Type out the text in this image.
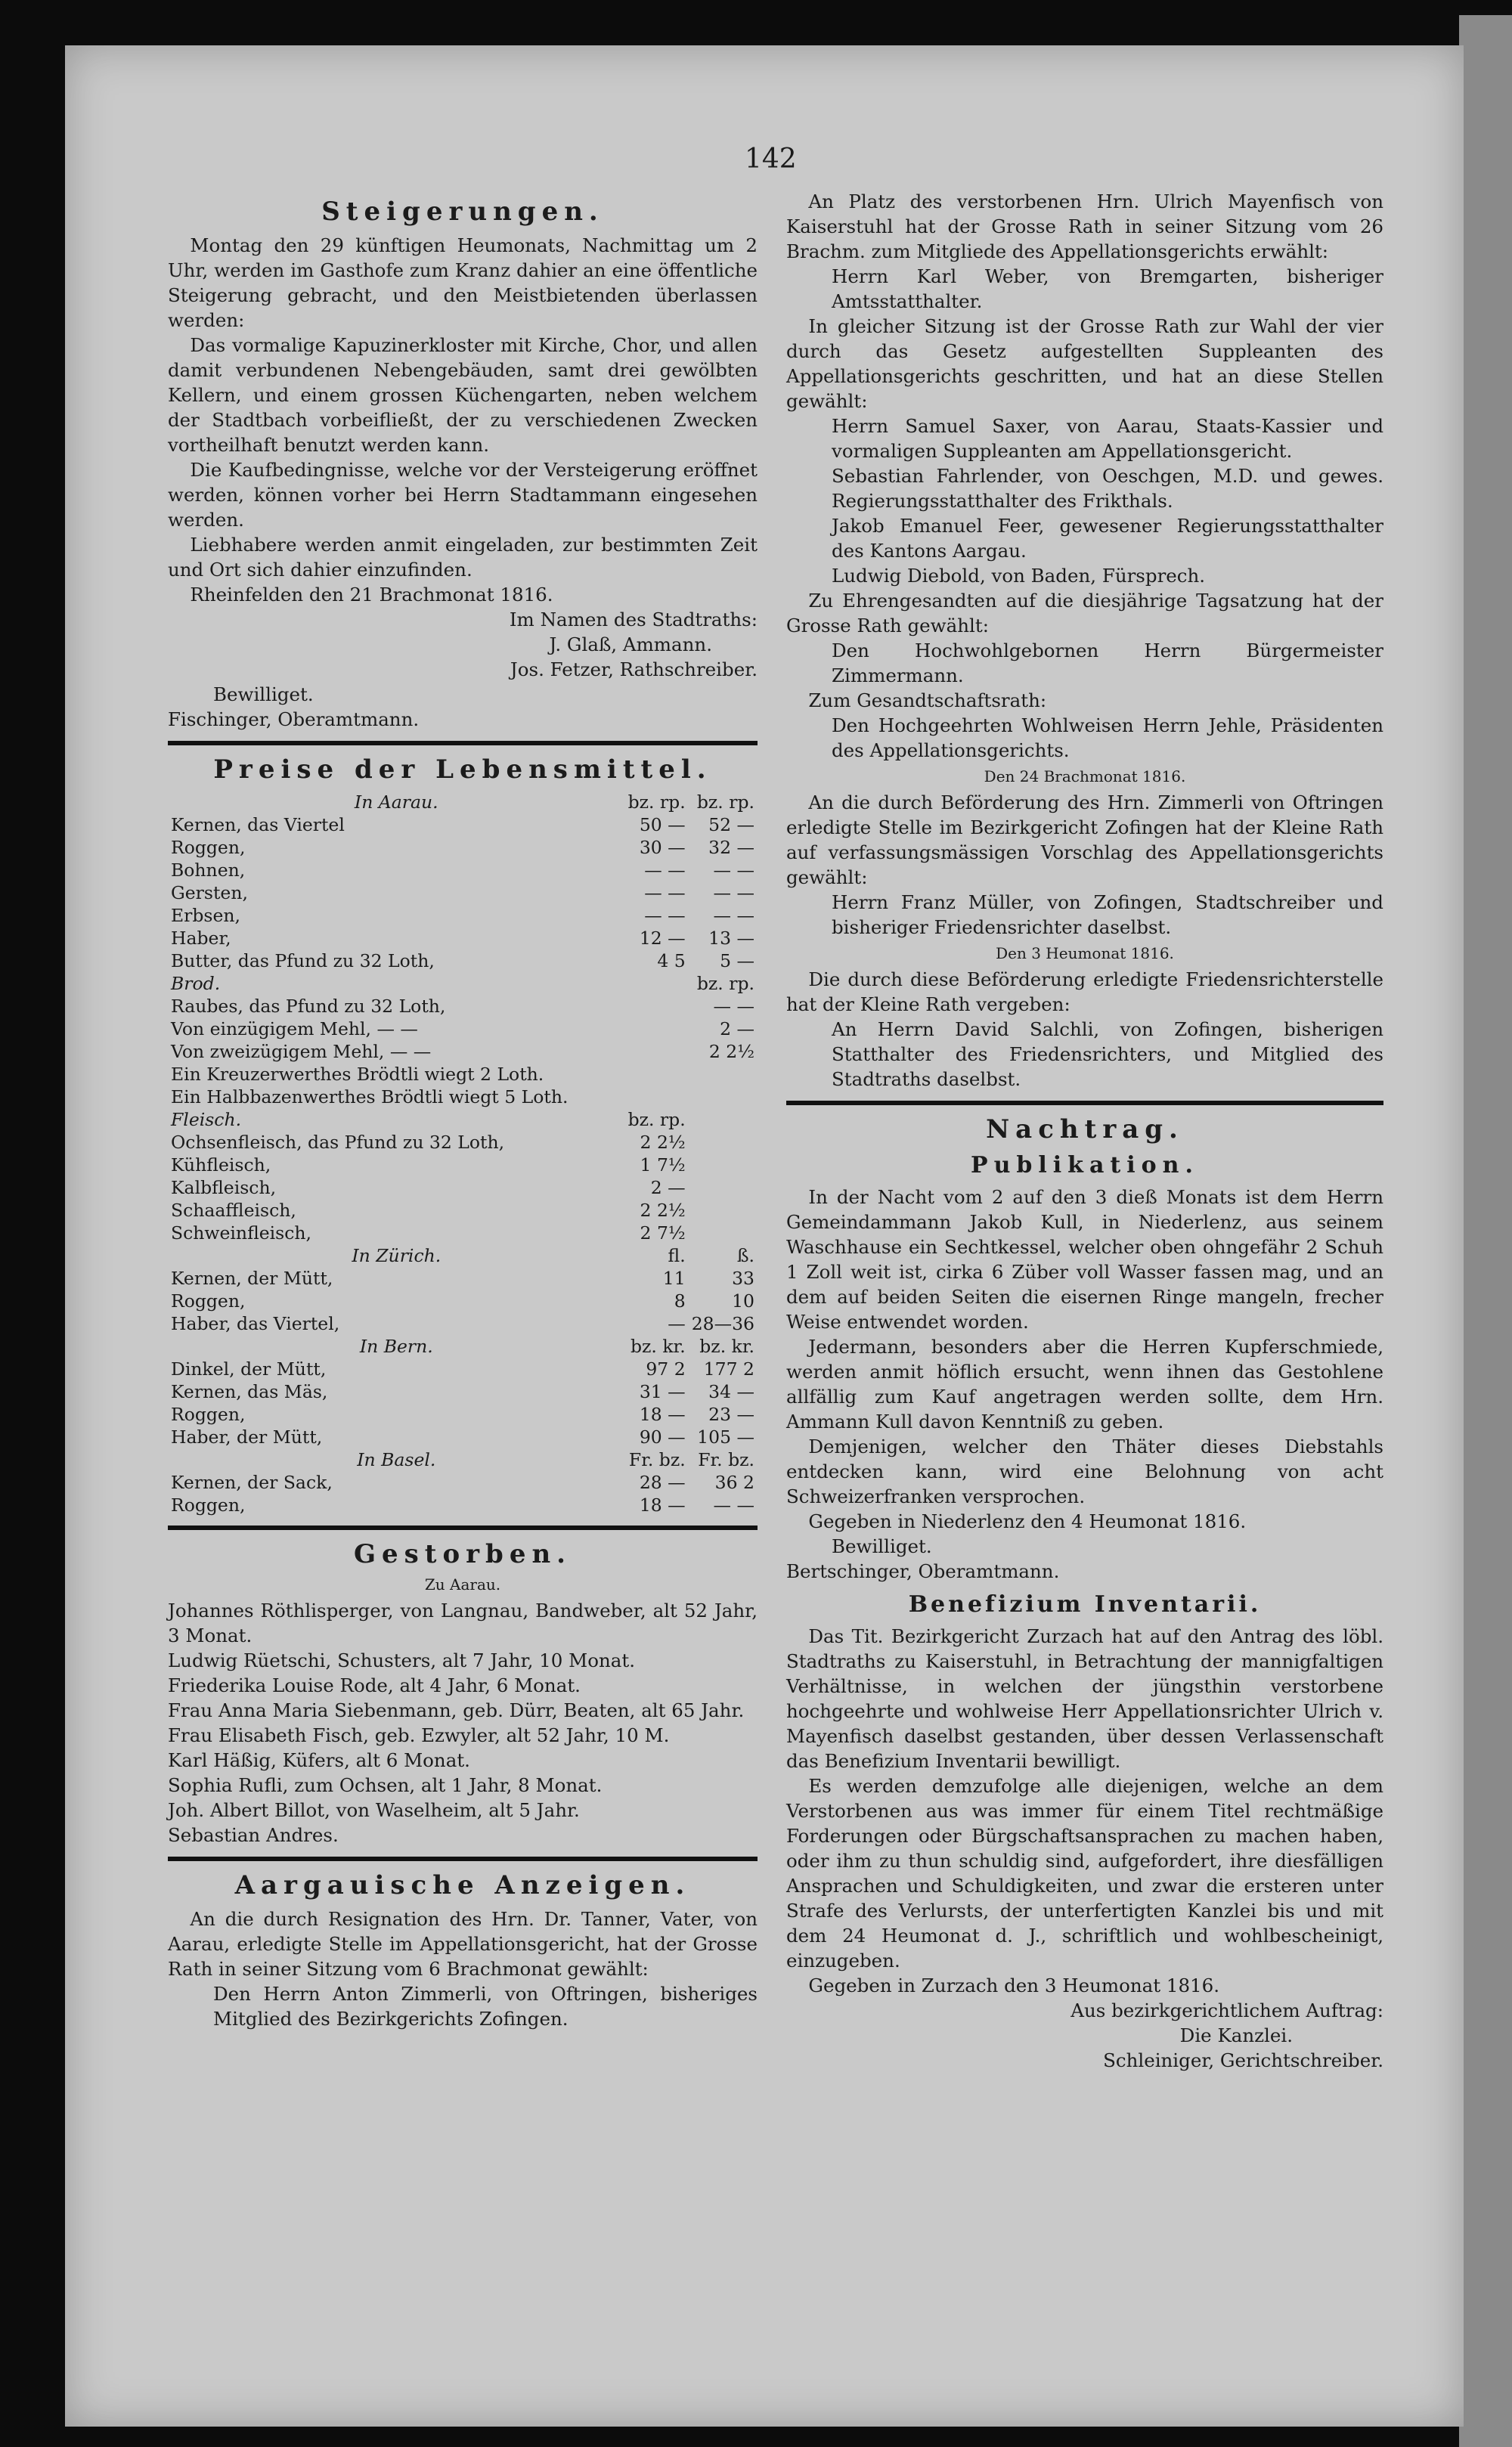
142
Steigerungen.

Montag den 29 künftigen Heumonats, Nachmittag um 2 Uhr, werden im Gasthofe zum Kranz dahier an eine öffentliche Steigerung gebracht, und den Meistbietenden überlassen werden:

Das vormalige Kapuzinerkloster mit Kirche, Chor, und allen damit verbundenen Nebengebäuden, samt drei gewölbten Kellern, und einem grossen Küchengarten, neben welchem der Stadtbach vorbeifließt, der zu verschiedenen Zwecken vortheilhaft benutzt werden kann.

Die Kaufbedingnisse, welche vor der Versteigerung eröffnet werden, können vorher bei Herrn Stadtammann eingesehen werden.

Liebhabere werden anmit eingeladen, zur bestimmten Zeit und Ort sich dahier einzufinden.

Rheinfelden den 21 Brachmonat 1816.

Im Namen des Stadtraths:

J. Glaß, Ammann.

Jos. Fetzer, Rathschreiber.

Bewilliget.

Fischinger, Oberamtmann.

Preise der Lebensmittel.
In Aarau.	bz. rp.	bz. rp.
Kernen, das Viertel	50 —	52 —
Roggen,	30 —	32 —
Bohnen,	— —	— —
Gersten,	— —	— —
Erbsen,	— —	— —
Haber,	12 —	13 —
Butter, das Pfund zu 32 Loth,	4 5	5 —
Brod.		bz. rp.
Raubes, das Pfund zu 32 Loth,		— —
Von einzügigem Mehl, — —		2 —
Von zweizügigem Mehl, — —		2 2½
Ein Kreuzerwerthes Brödtli wiegt 2 Loth.		
Ein Halbbazenwerthes Brödtli wiegt 5 Loth.		
Fleisch.	bz. rp.	
Ochsenfleisch, das Pfund zu 32 Loth,	2 2½	
Kühfleisch,	1 7½	
Kalbfleisch,	2 —	
Schaaffleisch,	2 2½	
Schweinfleisch,	2 7½	
In Zürich.	fl.	ß.
Kernen, der Mütt,	11	33
Roggen,	8	10
Haber, das Viertel,	—	28—36
In Bern.	bz. kr.	bz. kr.
Dinkel, der Mütt,	97 2	177 2
Kernen, das Mäs,	31 —	34 —
Roggen,	18 —	23 —
Haber, der Mütt,	90 —	105 —
In Basel.	Fr. bz.	Fr. bz.
Kernen, der Sack,	28 —	36 2
Roggen,	18 —	— —
Gestorben.

Zu Aarau.

Johannes Röthlisperger, von Langnau, Bandweber, alt 52 Jahr, 3 Monat.

Ludwig Rüetschi, Schusters, alt 7 Jahr, 10 Monat.

Friederika Louise Rode, alt 4 Jahr, 6 Monat.

Frau Anna Maria Siebenmann, geb. Dürr, Beaten, alt 65 Jahr.

Frau Elisabeth Fisch, geb. Ezwyler, alt 52 Jahr, 10 M.

Karl Häßig, Küfers, alt 6 Monat.

Sophia Rufli, zum Ochsen, alt 1 Jahr, 8 Monat.

Joh. Albert Billot, von Waselheim, alt 5 Jahr.

Sebastian Andres.

Aargauische Anzeigen.

An die durch Resignation des Hrn. Dr. Tanner, Vater, von Aarau, erledigte Stelle im Appellationsgericht, hat der Grosse Rath in seiner Sitzung vom 6 Brachmonat gewählt:

Den Herrn Anton Zimmerli, von Oftringen, bisheriges Mitglied des Bezirkgerichts Zofingen.

An Platz des verstorbenen Hrn. Ulrich Mayenfisch von Kaiserstuhl hat der Grosse Rath in seiner Sitzung vom 26 Brachm. zum Mitgliede des Appellationsgerichts erwählt:

Herrn Karl Weber, von Bremgarten, bisheriger Amtsstatthalter.

In gleicher Sitzung ist der Grosse Rath zur Wahl der vier durch das Gesetz aufgestellten Suppleanten des Appellationsgerichts geschritten, und hat an diese Stellen gewählt:

Herrn Samuel Saxer, von Aarau, Staats-Kassier und vormaligen Suppleanten am Appellationsgericht.

Sebastian Fahrlender, von Oeschgen, M.D. und gewes. Regierungsstatthalter des Frikthals.

Jakob Emanuel Feer, gewesener Regierungsstatthalter des Kantons Aargau.

Ludwig Diebold, von Baden, Fürsprech.

Zu Ehrengesandten auf die diesjährige Tagsatzung hat der Grosse Rath gewählt:

Den Hochwohlgebornen Herrn Bürgermeister Zimmermann.

Zum Gesandtschaftsrath:

Den Hochgeehrten Wohlweisen Herrn Jehle, Präsidenten des Appellationsgerichts.

Den 24 Brachmonat 1816.

An die durch Beförderung des Hrn. Zimmerli von Oftringen erledigte Stelle im Bezirkgericht Zofingen hat der Kleine Rath auf verfassungsmässigen Vorschlag des Appellationsgerichts gewählt:

Herrn Franz Müller, von Zofingen, Stadtschreiber und bisheriger Friedensrichter daselbst.

Den 3 Heumonat 1816.

Die durch diese Beförderung erledigte Friedensrichterstelle hat der Kleine Rath vergeben:

An Herrn David Salchli, von Zofingen, bisherigen Statthalter des Friedensrichters, und Mitglied des Stadtraths daselbst.

Nachtrag.
Publikation.

In der Nacht vom 2 auf den 3 dieß Monats ist dem Herrn Gemeindammann Jakob Kull, in Niederlenz, aus seinem Waschhause ein Sechtkessel, welcher oben ohngefähr 2 Schuh 1 Zoll weit ist, cirka 6 Züber voll Wasser fassen mag, und an dem auf beiden Seiten die eisernen Ringe mangeln, frecher Weise entwendet worden.

Jedermann, besonders aber die Herren Kupferschmiede, werden anmit höflich ersucht, wenn ihnen das Gestohlene allfällig zum Kauf angetragen werden sollte, dem Hrn. Ammann Kull davon Kenntniß zu geben.

Demjenigen, welcher den Thäter dieses Diebstahls entdecken kann, wird eine Belohnung von acht Schweizerfranken versprochen.

Gegeben in Niederlenz den 4 Heumonat 1816.

Bewilliget.

Bertschinger, Oberamtmann.

Benefizium Inventarii.

Das Tit. Bezirkgericht Zurzach hat auf den Antrag des löbl. Stadtraths zu Kaiserstuhl, in Betrachtung der mannigfaltigen Verhältnisse, in welchen der jüngsthin verstorbene hochgeehrte und wohlweise Herr Appellationsrichter Ulrich v. Mayenfisch daselbst gestanden, über dessen Verlassenschaft das Benefizium Inventarii bewilligt.

Es werden demzufolge alle diejenigen, welche an dem Verstorbenen aus was immer für einem Titel rechtmäßige Forderungen oder Bürgschaftsansprachen zu machen haben, oder ihm zu thun schuldig sind, aufgefordert, ihre diesfälligen Ansprachen und Schuldigkeiten, und zwar die ersteren unter Strafe des Verlursts, der unterfertigten Kanzlei bis und mit dem 24 Heumonat d. J., schriftlich und wohlbescheinigt, einzugeben.

Gegeben in Zurzach den 3 Heumonat 1816.

Aus bezirkgerichtlichem Auftrag:

Die Kanzlei.

Schleiniger, Gerichtschreiber.
